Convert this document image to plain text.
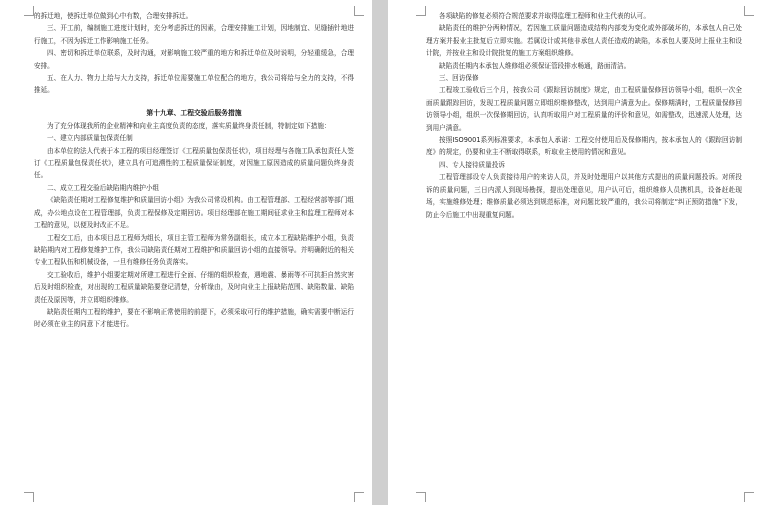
的拆迁地，使拆迁单位做到心中有数，合理安排拆迁。

三、开工前，编制施工进度计划时，充分考虑拆迁的因素，合理安排施工计划，因地制宜、见缝插针地进行施工，不因为拆迁工作影响施工任务。

四、密切和拆迁单位联系，及时沟通，对影响施工较严重的地方和拆迁单位及时说明，分轻重缓急，合理安排。

五、在人力、物力上给与大力支持，拆迁单位需要施工单位配合的地方，我公司将给与全力的支持，不得推延。

第十九章、工程交验后服务措施

为了充分体现我所的企业精神和向业主高度负责的态度，落实质量终身责任制，特制定如下措施：

一、建立内部质量包保责任制

由本单位的法人代表于本工程的项目经理签订《工程质量包保责任状》，项目经理与各施工队承包责任人签订《工程质量包保责任状》，建立具有可追溯性的工程质量保证制度，对因施工原因造成的质量问题负终身责任。

二、成立工程交验后缺陷期内维护小组

《缺陷责任期对工程修复维护和质量回访小组》为我公司常设机构。由工程管理部、工程经营部等部门组成，办公地点设在工程管理部，负责工程保修及定期回访。项目经理部在施工期间征求业主和监理工程师对本工程的意见，以便及时改正不足。

工程交工后，由本项目总工程师为组长，项目主管工程师为常务副组长，成立本工程缺陷维护小组，负责缺陷期内对工程修复维护工作，我公司缺陷责任期对工程维护和质量回访小组的直接领导。并明确附近的相关专业工程队伍和机械设备，一旦有维修任务负责落实。

交工验收后，维护小组要定期对所建工程进行全面、仔细的组织检查，遇地震、暴雨等不可抗拒自然灾害后及时组织检查，对出现的工程质量缺陷要登记清楚，分析缘由，及时向业主上报缺陷范围、缺陷数量、缺陷责任及原因等，并立即组织维修。

缺陷责任期内工程的维护，要在不影响正常使用的前提下，必须采取可行的维护措施，确实需要中断运行时必须在业主的同意下才能进行。

各项缺陷的修复必须符合规范要求并取得监理工程师和业主代表的认可。

缺陷责任的维护分两种情况，若因施工质量问题造成结构内部变为变化或外部破坏的，本承包人自己处理方案并报业主批复后立即实施。若属设计或其他非承包人责任造成的缺陷，本承包人要及时上报业主和设计院，并按业主和设计院批复的施工方案组织维修。

缺陷责任期内本承包人维修组必须保证管段排水畅通，路面清洁。

三、回访保修

工程竣工验收后三个月，按我公司《跟踪回访制度》规定，由工程质量保修回访领导小组，组织一次全面质量跟踪回访，发现工程质量问题立即组织维修整改，达到用户满意为止。保修期满时，工程质量保修回访领导小组，组织一次保修期回访，认真听取用户对工程质量的评价和意见，如需整改，迅速派人处理，达到用户满意。

按照ISO9001系列标准要求，本承包人承诺：工程交付使用后及保修期内，按本承包人的《跟踪回访制度》的规定，仍要和业主不断取得联系，听取业主使用的情况和意见。

四、专人接待质量投诉

工程管理部设专人负责接待用户的来访人员，并及时处理用户以其他方式提出的质量问题投诉。对所投诉的质量问题，三日内派人到现场勘探，提出处理意见，用户认可后，组织维修人员携机具，设备赶赴现场，实施维修处理；维修质量必须达到规范标准，对问题比较严重的，我公司将制定“纠正预防措施”下发，防止今后施工中出现重复问题。
